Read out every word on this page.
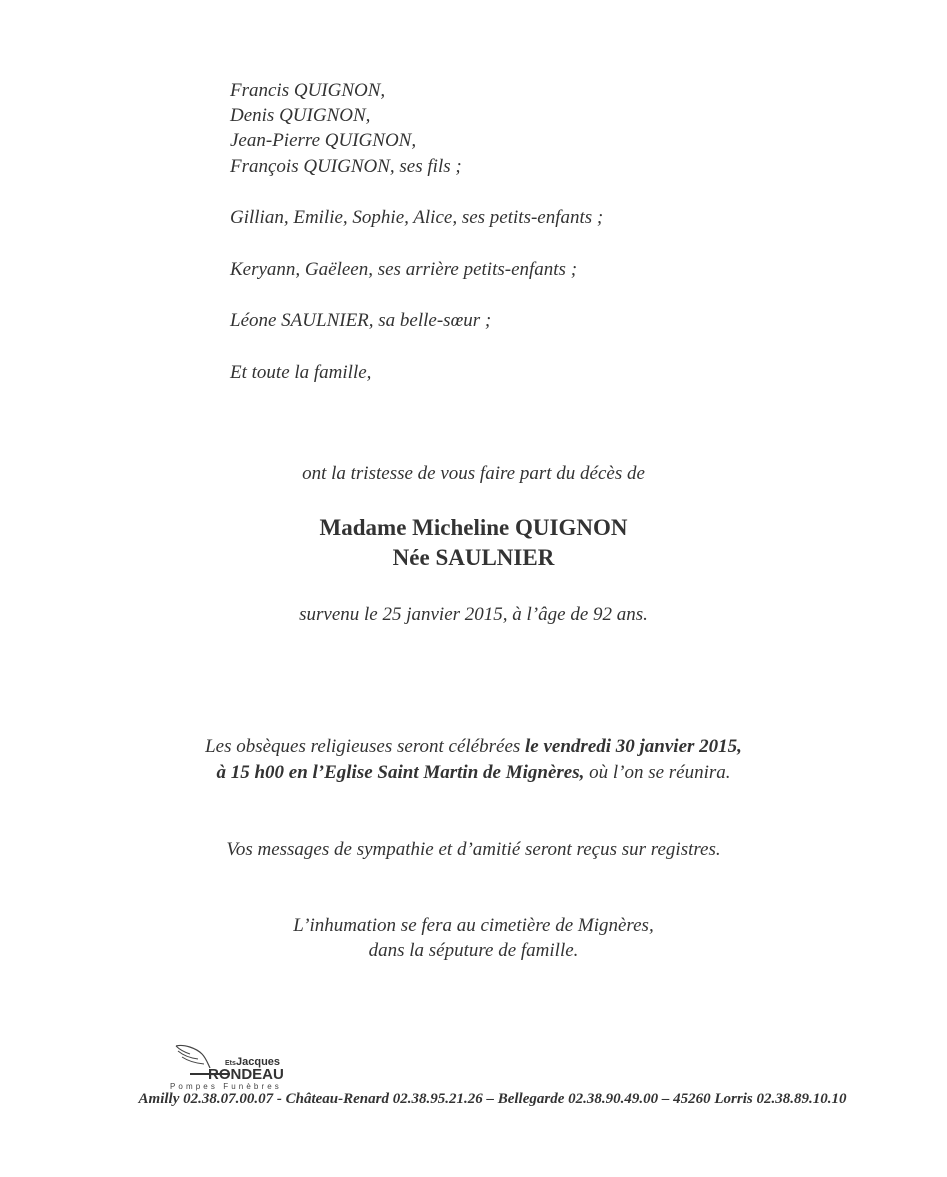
Francis QUIGNON,
Denis QUIGNON,
Jean-Pierre QUIGNON,
François QUIGNON, ses fils ;
Gillian, Emilie, Sophie, Alice, ses petits-enfants ;
Keryann, Gaëleen, ses arrière petits-enfants ;
Léone SAULNIER, sa belle-sœur ;
Et toute la famille,
ont la tristesse de vous faire part du décès de
Madame Micheline QUIGNON
Née SAULNIER
survenu le 25 janvier 2015, à l’âge de 92 ans.
Les obsèques religieuses seront célébrées le vendredi 30 janvier 2015,
à 15 h00 en l’Eglise Saint Martin de Mignères, où l’on se réunira.
Vos messages de sympathie et d’amitié seront reçus sur registres.
L’inhumation se fera au cimetière de Mignères,
dans la séputure de famille.
Ets Jacques
RONDEAU
Pompes Funèbres
Amilly 02.38.07.00.07 - Château-Renard 02.38.95.21.26 – Bellegarde 02.38.90.49.00 – 45260 Lorris 02.38.89.10.10
